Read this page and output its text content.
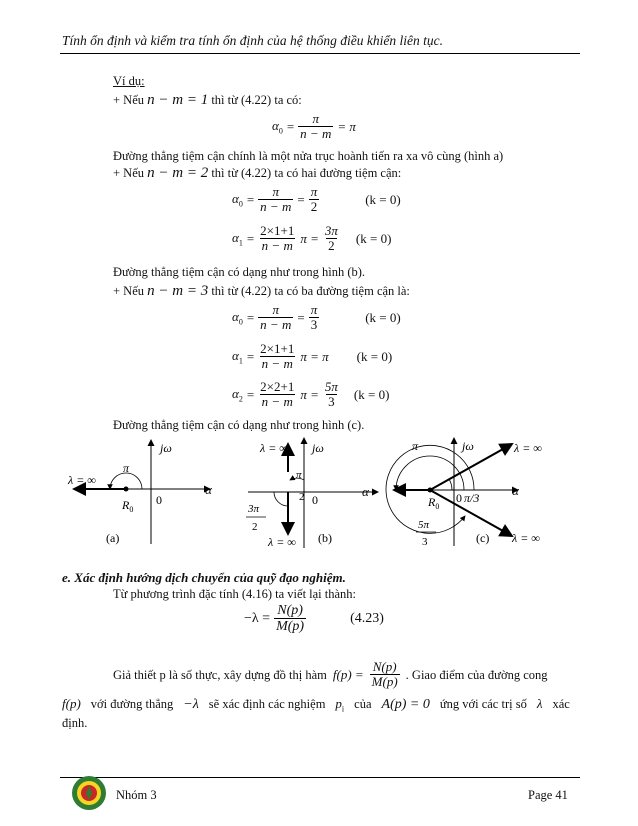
Tính ổn định và kiểm tra tính ổn định của hệ thống điều khiển liên tục.
Ví dụ:
+ Nếu n − m = 1 thì từ (4.22) ta có:
$\alpha_0 = \frac{\pi}{n - m} = \pi$
Đường thẳng tiệm cận chính là một nửa trục hoành tiến ra xa vô cùng (hình a)
+ Nếu n − m = 2 thì từ (4.22) ta có hai đường tiệm cận:
$\alpha_0 = \frac{\pi}{n - m} = \frac{\pi}{2}$	(k = 0)
$\alpha_1 = \frac{2\times 1+1}{n - m}$ $\pi = \frac{3\pi}{2} (k = 0)$
Đường thẳng tiệm cận có dạng như trong hình (b).
+ Nếu n − m = 3 thì từ (4.22) ta có ba đường tiệm cận là:
$\alpha_0 = \frac{\pi}{n - m} = \frac{\pi}{3}$	(k = 0)
$\alpha_1 = \frac{2\times 1+1}{n - m}$ π = π (k = 0)
$\alpha_2 = \frac{2\times 2+1}{n - m}$ $\pi = \frac{5\pi}{3} (k = 0)$
Đường thẳng tiệm cận có dạng như trong hình (c).
jω
λ = ∞
π
$R_0$
0
α
(a)
λ = ∞ jω
π
2 0
α
3π
2
λ = ∞ (b)
π	jω	λ = ∞
$R_0$
0 π/3	α
5π
3	(c) λ = ∞
e. Xác định hướng dịch chuyển của quỹ đạo nghiệm.
Từ phương trình đặc tính (4.16) ta viết lại thành:
$-\lambda = \frac{N(p)}{M(p)}$	(4.23)
Giả thiết p là số thực, xây dựng đồ thị hàm $f(p) = \frac{N(p)}{M(p)}$ . Giao điểm của đường cong
f(p) với đường thẳng −λ sẽ xác định các nghiệm $p_i$ của A(p) = 0 ứng với các trị số λ xác
định.
Nhóm 3	Page 41
